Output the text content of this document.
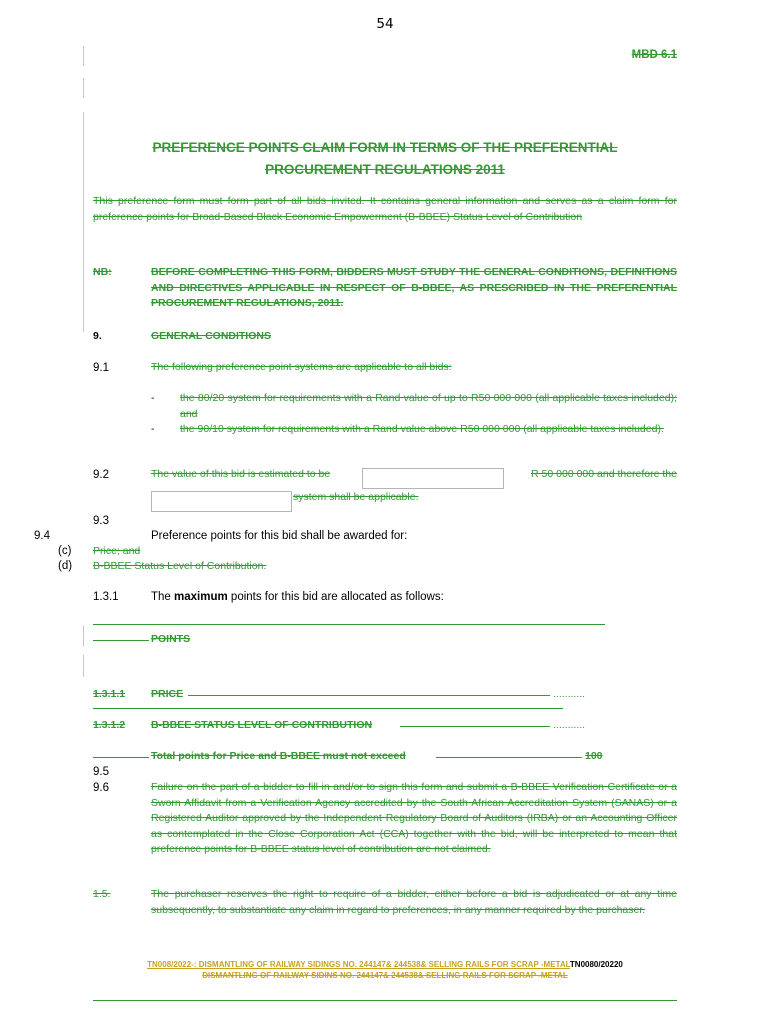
54
MBD 6.1
PREFERENCE POINTS CLAIM FORM IN TERMS OF THE PREFERENTIAL
PROCUREMENT REGULATIONS 2011
This preference form must form part of all bids invited. It contains general information and serves as a claim form for preference points for Broad-Based Black Economic Empowerment (B-BBEE) Status Level of Contribution
NB:	BEFORE COMPLETING THIS FORM, BIDDERS MUST STUDY THE GENERAL CONDITIONS, DEFINITIONS AND DIRECTIVES APPLICABLE IN RESPECT OF B-BBEE, AS PRESCRIBED IN THE PREFERENTIAL PROCUREMENT REGULATIONS, 2011.
9.	GENERAL CONDITIONS
9.1	The following preference point systems are applicable to all bids:
- the 80/20 system for requirements with a Rand value of up to R50 000 000 (all applicable taxes included); and
- the 90/10 system for requirements with a Rand value above R50 000 000 (all applicable taxes included).
9.2	The value of this bid is estimated to be	R 50 000 000 and therefore the
system shall be applicable.
9.3
9.4	Preference points for this bid shall be awarded for:
(c) Price; and
(d) B-BBEE Status Level of Contribution.
1.3.1	The maximum points for this bid are allocated as follows:
POINTS
1.3.1.1 PRICE	...........
1.3.1.2 B-BBEE STATUS LEVEL OF CONTRIBUTION	...........
Total points for Price and B-BBEE must not exceed	100
9.5
9.6	Failure on the part of a bidder to fill in and/or to sign this form and submit a B-BBEE Verification Certificate or a Sworn Affidavit from a Verification Agency accredited by the South African Accreditation System (SANAS) or a Registered Auditor approved by the Independent Regulatory Board of Auditors (IRBA) or an Accounting Officer as contemplated in the Close Corporation Act (CCA) together with the bid, will be interpreted to mean that preference points for B-BBEE status level of contribution are not claimed.
1.5.	The purchaser reserves the right to require of a bidder, either before a bid is adjudicated or at any time subsequently, to substantiate any claim in regard to preferences, in any manner required by the purchaser.
TN008/2022-: DISMANTLING OF RAILWAY SIDINGS NO. 244147& 244538& SELLING RAILS FOR SCRAP -METALTN0080/20220
DISMANTLING OF RAILWAY SIDINS NO. 244147& 244538& SELLING RAILS FOR SCRAP -METAL
